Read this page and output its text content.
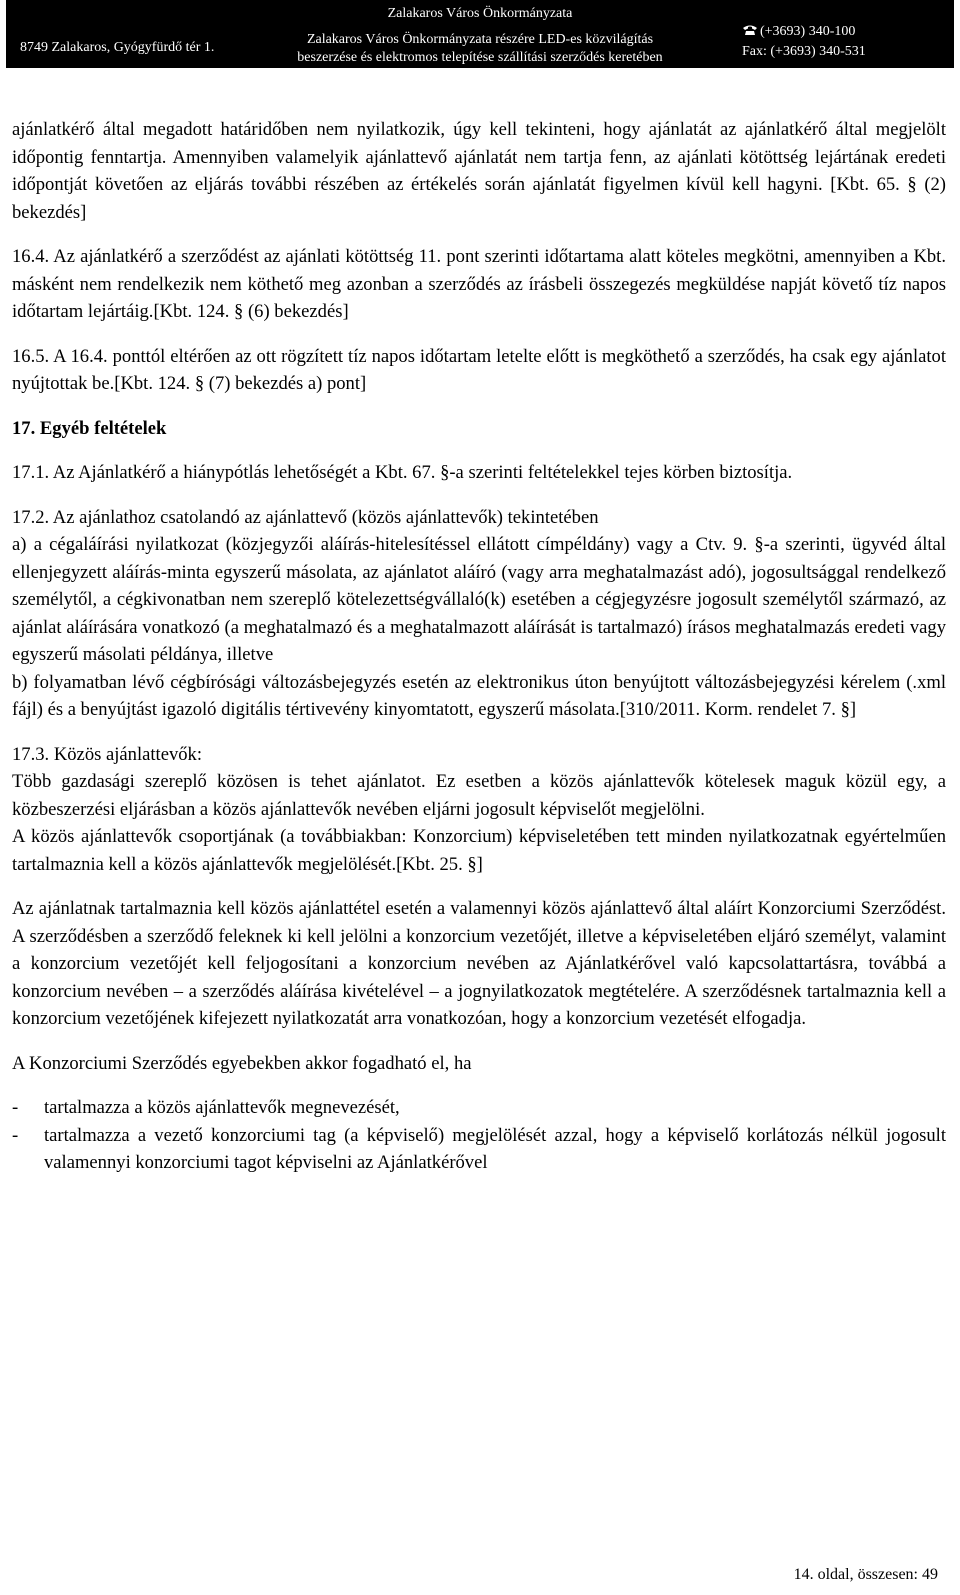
Zalakaros Város Önkormányzata
8749 Zalakaros, Gyógyfürdő tér 1.
Zalakaros Város Önkormányzata részére LED-es közvilágítás
beszerzése és elektromos telepítése szállítási szerződés keretében
(+3693) 340-100
Fax: (+3693) 340-531

ajánlatkérő által megadott határidőben nem nyilatkozik, úgy kell tekinteni, hogy ajánlatát az ajánlatkérő által megjelölt időpontig fenntartja. Amennyiben valamelyik ajánlattevő ajánlatát nem tartja fenn, az ajánlati kötöttség lejártának eredeti időpontját követően az eljárás további részében az értékelés során ajánlatát figyelmen kívül kell hagyni. [Kbt. 65. § (2) bekezdés]

16.4. Az ajánlatkérő a szerződést az ajánlati kötöttség 11. pont szerinti időtartama alatt köteles megkötni, amennyiben a Kbt. másként nem rendelkezik nem köthető meg azonban a szerződés az írásbeli összegezés megküldése napját követő tíz napos időtartam lejártáig.[Kbt. 124. § (6) bekezdés]

16.5. A 16.4. ponttól eltérően az ott rögzített tíz napos időtartam letelte előtt is megköthető a szerződés, ha csak egy ajánlatot nyújtottak be.[Kbt. 124. § (7) bekezdés a) pont]

17. Egyéb feltételek

17.1. Az Ajánlatkérő a hiánypótlás lehetőségét a Kbt. 67. §-a szerinti feltételekkel tejes körben biztosítja.

17.2. Az ajánlathoz csatolandó az ajánlattevő (közös ajánlattevők) tekintetében

a) a cégaláírási nyilatkozat (közjegyzői aláírás-hitelesítéssel ellátott címpéldány) vagy a Ctv. 9. §-a szerinti, ügyvéd által ellenjegyzett aláírás-minta egyszerű másolata, az ajánlatot aláíró (vagy arra meghatalmazást adó), jogosultsággal rendelkező személytől, a cégkivonatban nem szereplő kötelezettségvállaló(k) esetében a cégjegyzésre jogosult személytől származó, az ajánlat aláírására vonatkozó (a meghatalmazó és a meghatalmazott aláírását is tartalmazó) írásos meghatalmazás eredeti vagy egyszerű másolati példánya, illetve

b) folyamatban lévő cégbírósági változásbejegyzés esetén az elektronikus úton benyújtott változásbejegyzési kérelem (.xml fájl) és a benyújtást igazoló digitális tértivevény kinyomtatott, egyszerű másolata.[310/2011. Korm. rendelet 7. §]

17.3. Közös ajánlattevők:

Több gazdasági szereplő közösen is tehet ajánlatot. Ez esetben a közös ajánlattevők kötelesek maguk közül egy, a közbeszerzési eljárásban a közös ajánlattevők nevében eljárni jogosult képviselőt megjelölni.

A közös ajánlattevők csoportjának (a továbbiakban: Konzorcium) képviseletében tett minden nyilatkozatnak egyértelműen tartalmaznia kell a közös ajánlattevők megjelölését.[Kbt. 25. §]

Az ajánlatnak tartalmaznia kell közös ajánlattétel esetén a valamennyi közös ajánlattevő által aláírt Konzorciumi Szerződést. A szerződésben a szerződő feleknek ki kell jelölni a konzorcium vezetőjét, illetve a képviseletében eljáró személyt, valamint a konzorcium vezetőjét kell feljogosítani a konzorcium nevében az Ajánlatkérővel való kapcsolattartásra, továbbá a konzorcium nevében – a szerződés aláírása kivételével – a jognyilatkozatok megtételére. A szerződésnek tartalmaznia kell a konzorcium vezetőjének kifejezett nyilatkozatát arra vonatkozóan, hogy a konzorcium vezetését elfogadja.

A Konzorciumi Szerződés egyebekben akkor fogadható el, ha

-	tartalmazza a közös ajánlattevők megnevezését,
-	tartalmazza a vezető konzorciumi tag (a képviselő) megjelölését azzal, hogy a képviselő korlátozás nélkül jogosult valamennyi konzorciumi tagot képviselni az Ajánlatkérővel
14. oldal, összesen: 49
